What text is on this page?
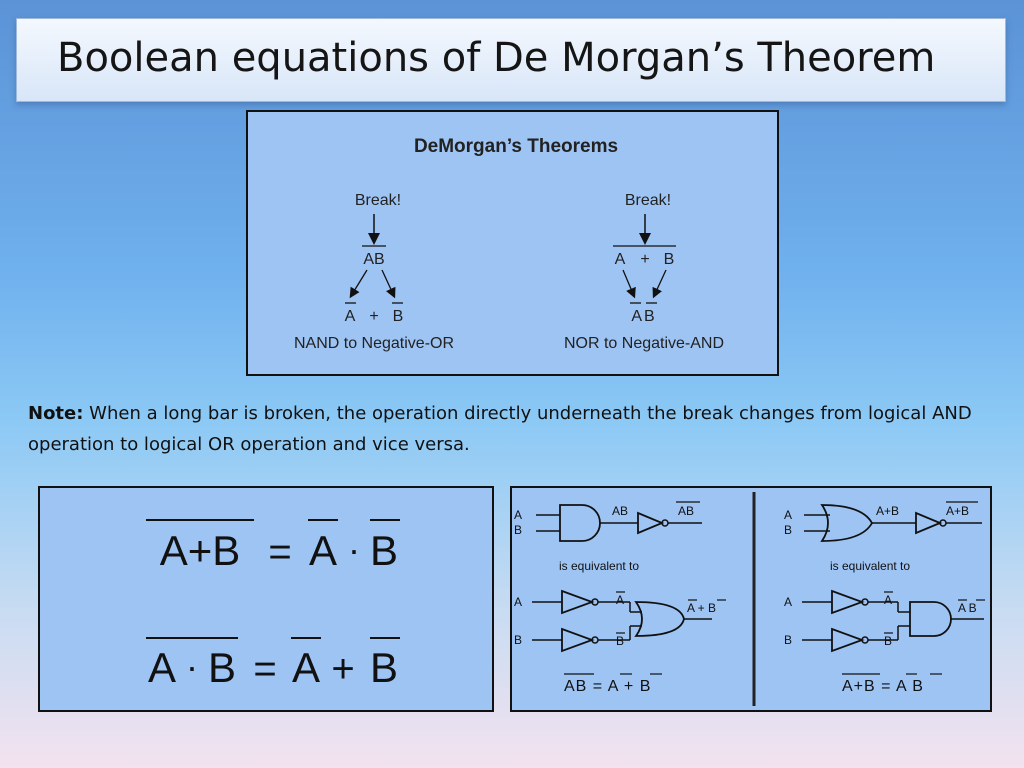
Boolean equations of De Morgan’s Theorem
DeMorgan’s Theorems
Break!
AB
A + B
NAND to Negative-OR
Break!
A + B
AB
NOR to Negative-AND
Note: When a long bar is broken, the operation directly underneath the break changes from logical AND operation to logical OR operation and vice versa.
A+B = A · B
A · B = A + B
A
B
AB	AB
is equivalent to
A	A
B	B
A + B
AB = A + B
A
B
A+B	A+B
is equivalent to
A	A
B	B
A B
A+B = A B
